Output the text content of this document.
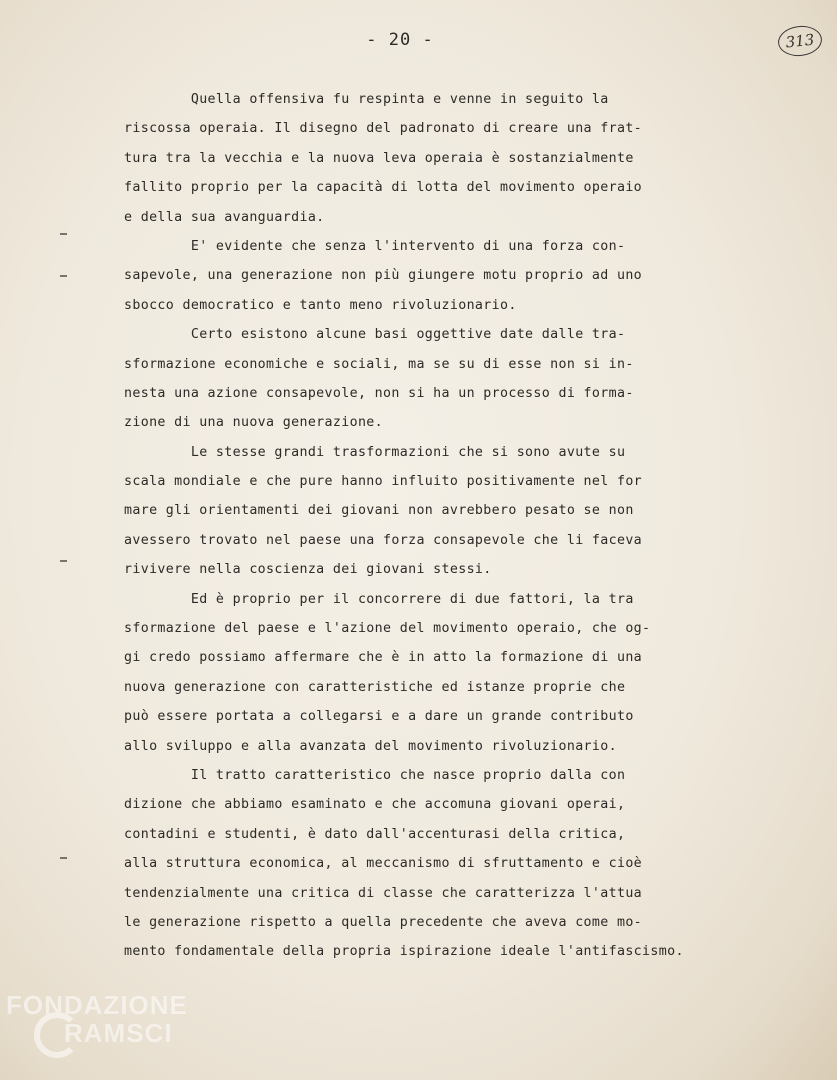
- 20 -	313
Quella offensiva fu respinta e venne in seguito la
riscossa operaia. Il disegno del padronato di creare una frat-
tura tra la vecchia e la nuova leva operaia è sostanzialmente
fallito proprio per la capacità di lotta del movimento operaio
e della sua avanguardia.
E' evidente che senza l'intervento di una forza con-
sapevole, una generazione non più giungere motu proprio ad uno
sbocco democratico e tanto meno rivoluzionario.
Certo esistono alcune basi oggettive date dalle tra-
sformazione economiche e sociali, ma se su di esse non si in-
nesta una azione consapevole, non si ha un processo di forma-
zione di una nuova generazione.
Le stesse grandi trasformazioni che si sono avute su
scala mondiale e che pure hanno influito positivamente nel for
mare gli orientamenti dei giovani non avrebbero pesato se non
avessero trovato nel paese una forza consapevole che li faceva
rivivere nella coscienza dei giovani stessi.
Ed è proprio per il concorrere di due fattori, la tra
sformazione del paese e l'azione del movimento operaio, che og-
gi credo possiamo affermare che è in atto la formazione di una
nuova generazione con caratteristiche ed istanze proprie che
può essere portata a collegarsi e a dare un grande contributo
allo sviluppo e alla avanzata del movimento rivoluzionario.
Il tratto caratteristico che nasce proprio dalla con
dizione che abbiamo esaminato e che accomuna giovani operai,
contadini e studenti, è dato dall'accenturasi della critica,
alla struttura economica, al meccanismo di sfruttamento e cioè
tendenzialmente una critica di classe che caratterizza l'attua
le generazione rispetto a quella precedente che aveva come mo-
mento fondamentale della propria ispirazione ideale l'antifascismo.
FONDAZIONE
RAMSCI
